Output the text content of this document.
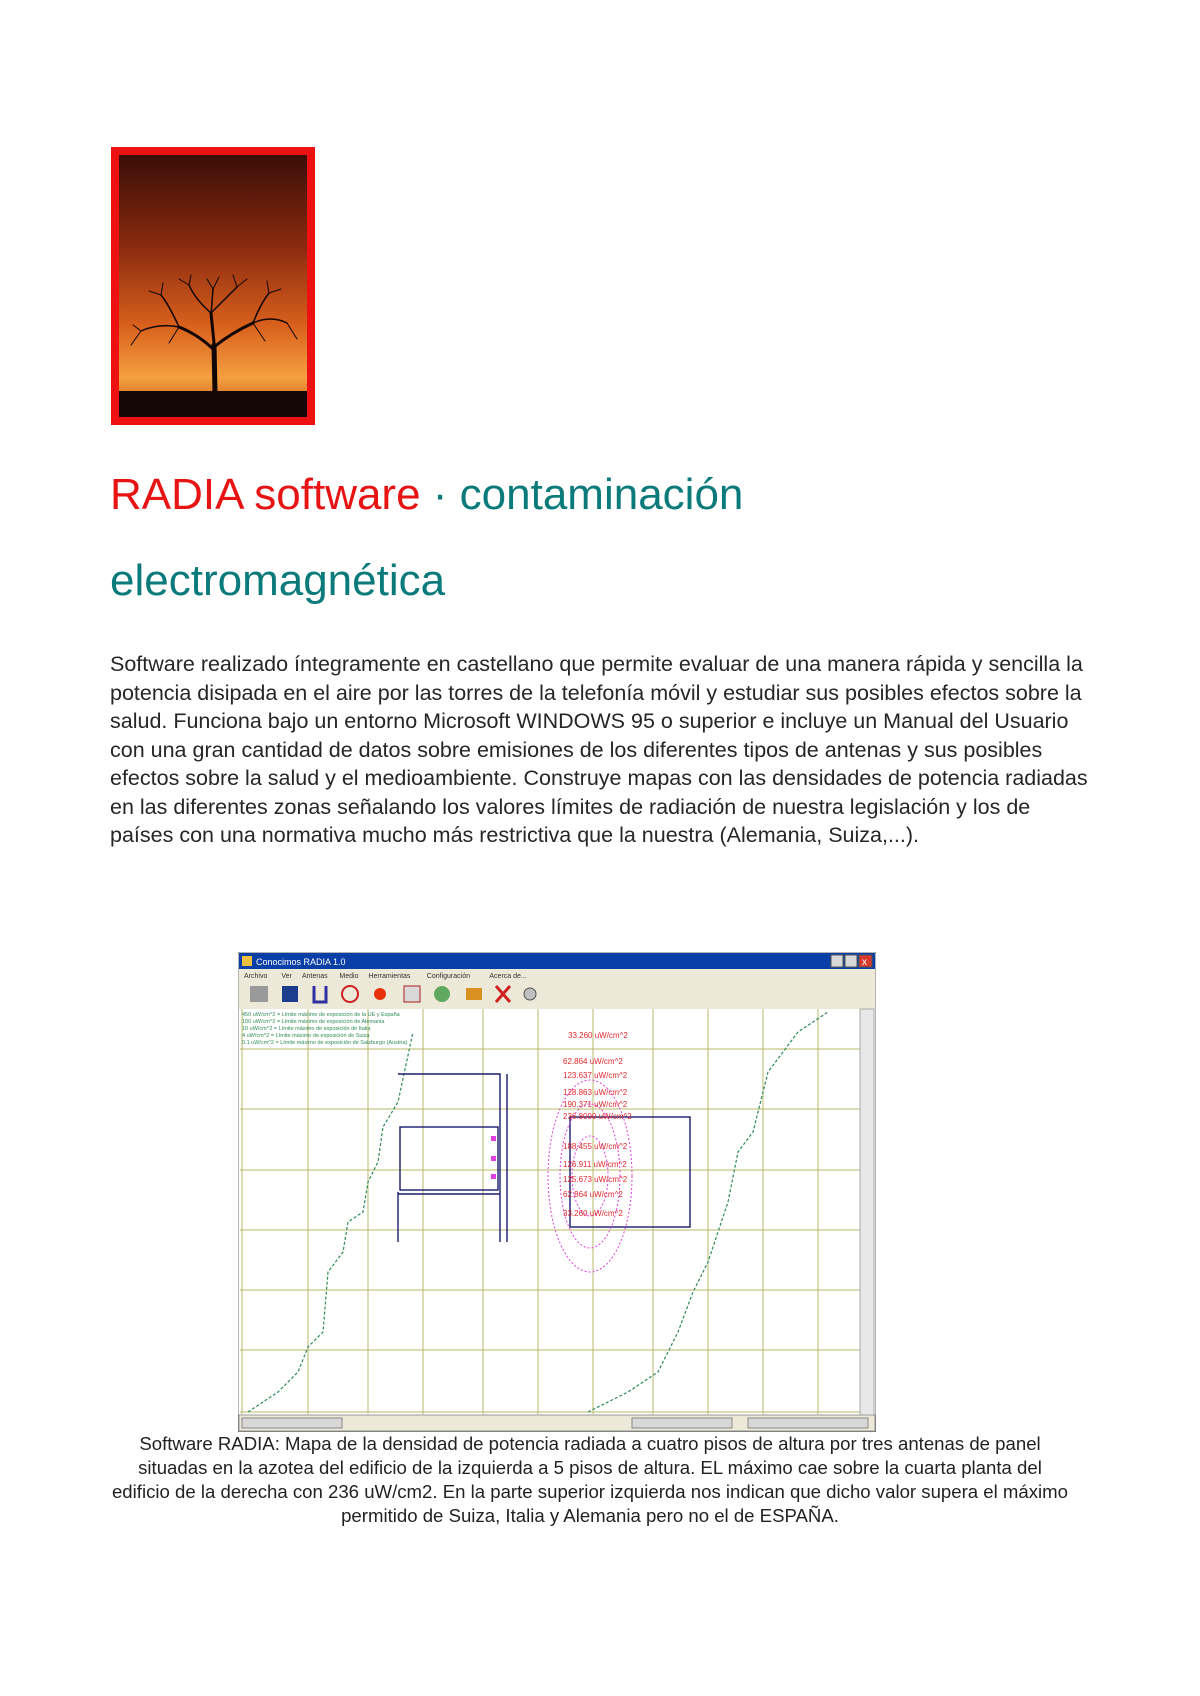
RADIA software · contaminación
electromagnética

Software realizado íntegramente en castellano que permite evaluar de una manera rápida y sencilla la potencia disipada en el aire por las torres de la telefonía móvil y estudiar sus posibles efectos sobre la salud. Funciona bajo un entorno Microsoft WINDOWS 95 o superior e incluye un Manual del Usuario con una gran cantidad de datos sobre emisiones de los diferentes tipos de antenas y sus posibles efectos sobre la salud y el medioambiente. Construye mapas con las densidades de potencia radiadas en las diferentes zonas señalando los valores límites de radiación de nuestra legislación y los de países con una normativa mucho más restrictiva que la nuestra (Alemania, Suiza,...).

Conocimos RADIA 1.0	x
Archivo Ver Antenas Medio Herramientas Configuración	Acerca de...
450 uW/cm^2 = Límite máximo de exposición de la UE y España
100 uW/cm^2 = Límite máximo de exposición de Alemania
10 uW/cm^2 = Límite máximo de exposición de Italia
4 uW/cm^2 = Límite máximo de exposición de Suiza
0.1 uW/cm^2 = Límite máximo de exposición de Salzburgo (Austria)
33.260 uW/cm^2
62.864 uW/cm^2
123.637 uW/cm^2
128.863 uW/cm^2
190.371 uW/cm^2
236.8000 uW/cm^2
188.455 uW/cm^2
126.911 uW/cm^2
125.673 uW/cm^2
62.864 uW/cm^2
33.260 uW/cm^2

Software RADIA: Mapa de la densidad de potencia radiada a cuatro pisos de altura por tres antenas de panel situadas en la azotea del edificio de la izquierda a 5 pisos de altura. EL máximo cae sobre la cuarta planta del edificio de la derecha con 236 uW/cm2. En la parte superior izquierda nos indican que dicho valor supera el máximo permitido de Suiza, Italia y Alemania pero no el de ESPAÑA.
